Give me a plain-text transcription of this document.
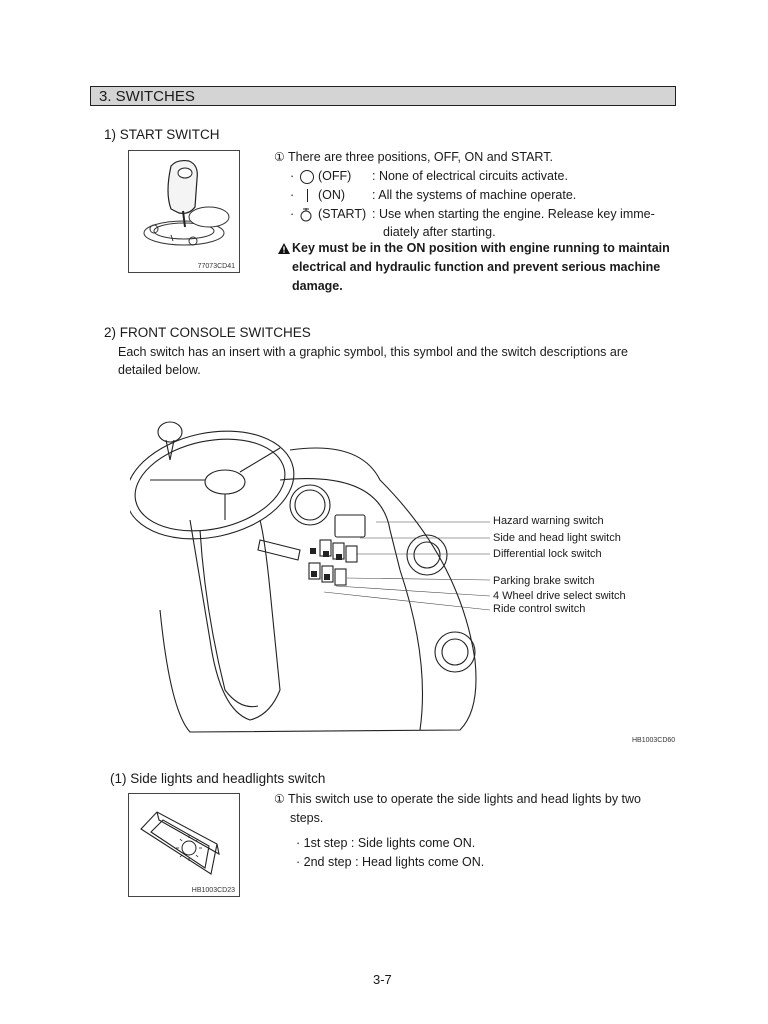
3. SWITCHES
1) START SWITCH
77073CD41
① There are three positions, OFF, ON and START.
· (OFF) : None of electrical circuits activate.
· (ON) : All the systems of machine operate.
· (START) : Use when starting the engine. Release key imme-
diately after starting.
Key must be in the ON position with engine running to maintain
electrical and hydraulic function and prevent serious machine
damage.
2) FRONT CONSOLE SWITCHES
Each switch has an insert with a graphic symbol, this symbol and the switch descriptions are
detailed below.
Hazard warning switch
Side and head light switch
Differential lock switch
Parking brake switch
4 Wheel drive select switch
Ride control switch
HB1003CD60
(1) Side lights and headlights switch
HB1003CD23
① This switch use to operate the side lights and head lights by two
steps.
· 1st step : Side lights come ON.
· 2nd step : Head lights come ON.
3-7
